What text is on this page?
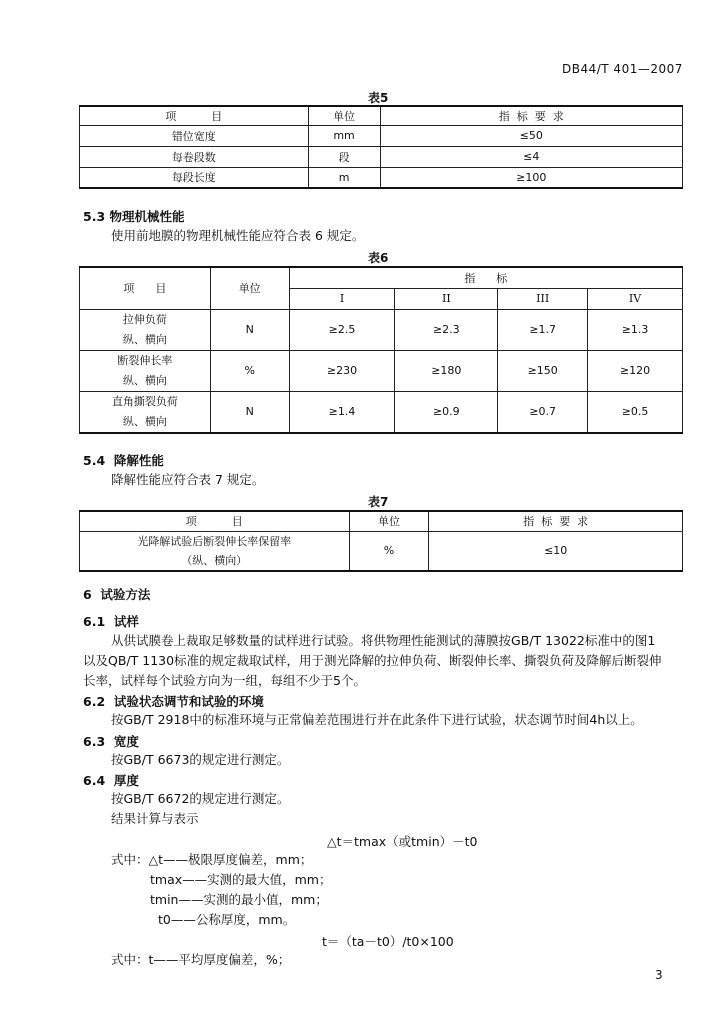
DB44/T 401—2007
表5
项          目	单位	指  标  要  求
错位宽度	mm	≤50
每卷段数	段	≤4
每段长度	m	≥100
5.3 物理机械性能
使用前地膜的物理机械性能应符合表 6 规定。
表6
项      目	单位	指      标			
		I	II	III	IV

拉伸负荷
纵、横向	N	≥2.5	≥2.3	≥1.7	≥1.3

断裂伸长率
纵、横向	%	≥230	≥180	≥150	≥120

直角撕裂负荷
纵、横向	N	≥1.4	≥0.9	≥0.7	≥0.5
5.4  降解性能
降解性能应符合表 7 规定。
表7
项          目	单位	指  标  要  求

光降解试验后断裂伸长率保留率
（纵、横向）	%	≤10
6  试验方法
6.1  试样
从供试膜卷上裁取足够数量的试样进行试验。将供物理性能测试的薄膜按GB/T 13022标准中的图1
以及QB/T 1130标准的规定裁取试样，用于测光降解的拉伸负荷、断裂伸长率、撕裂负荷及降解后断裂伸
长率，试样每个试验方向为一组，每组不少于5个。
6.2  试验状态调节和试验的环境
按GB/T 2918中的标准环境与正常偏差范围进行并在此条件下进行试验，状态调节时间4h以上。
6.3  宽度
按GB/T 6673的规定进行测定。
6.4  厚度
按GB/T 6672的规定进行测定。
结果计算与表示
△t＝tmax（或tmin）－t0
式中：△t——极限厚度偏差，mm；
tmax——实测的最大值，mm；
tmin——实测的最小值，mm；
t0——公称厚度，mm。
t＝（ta－t0）/t0×100
式中：t——平均厚度偏差，%；
3
